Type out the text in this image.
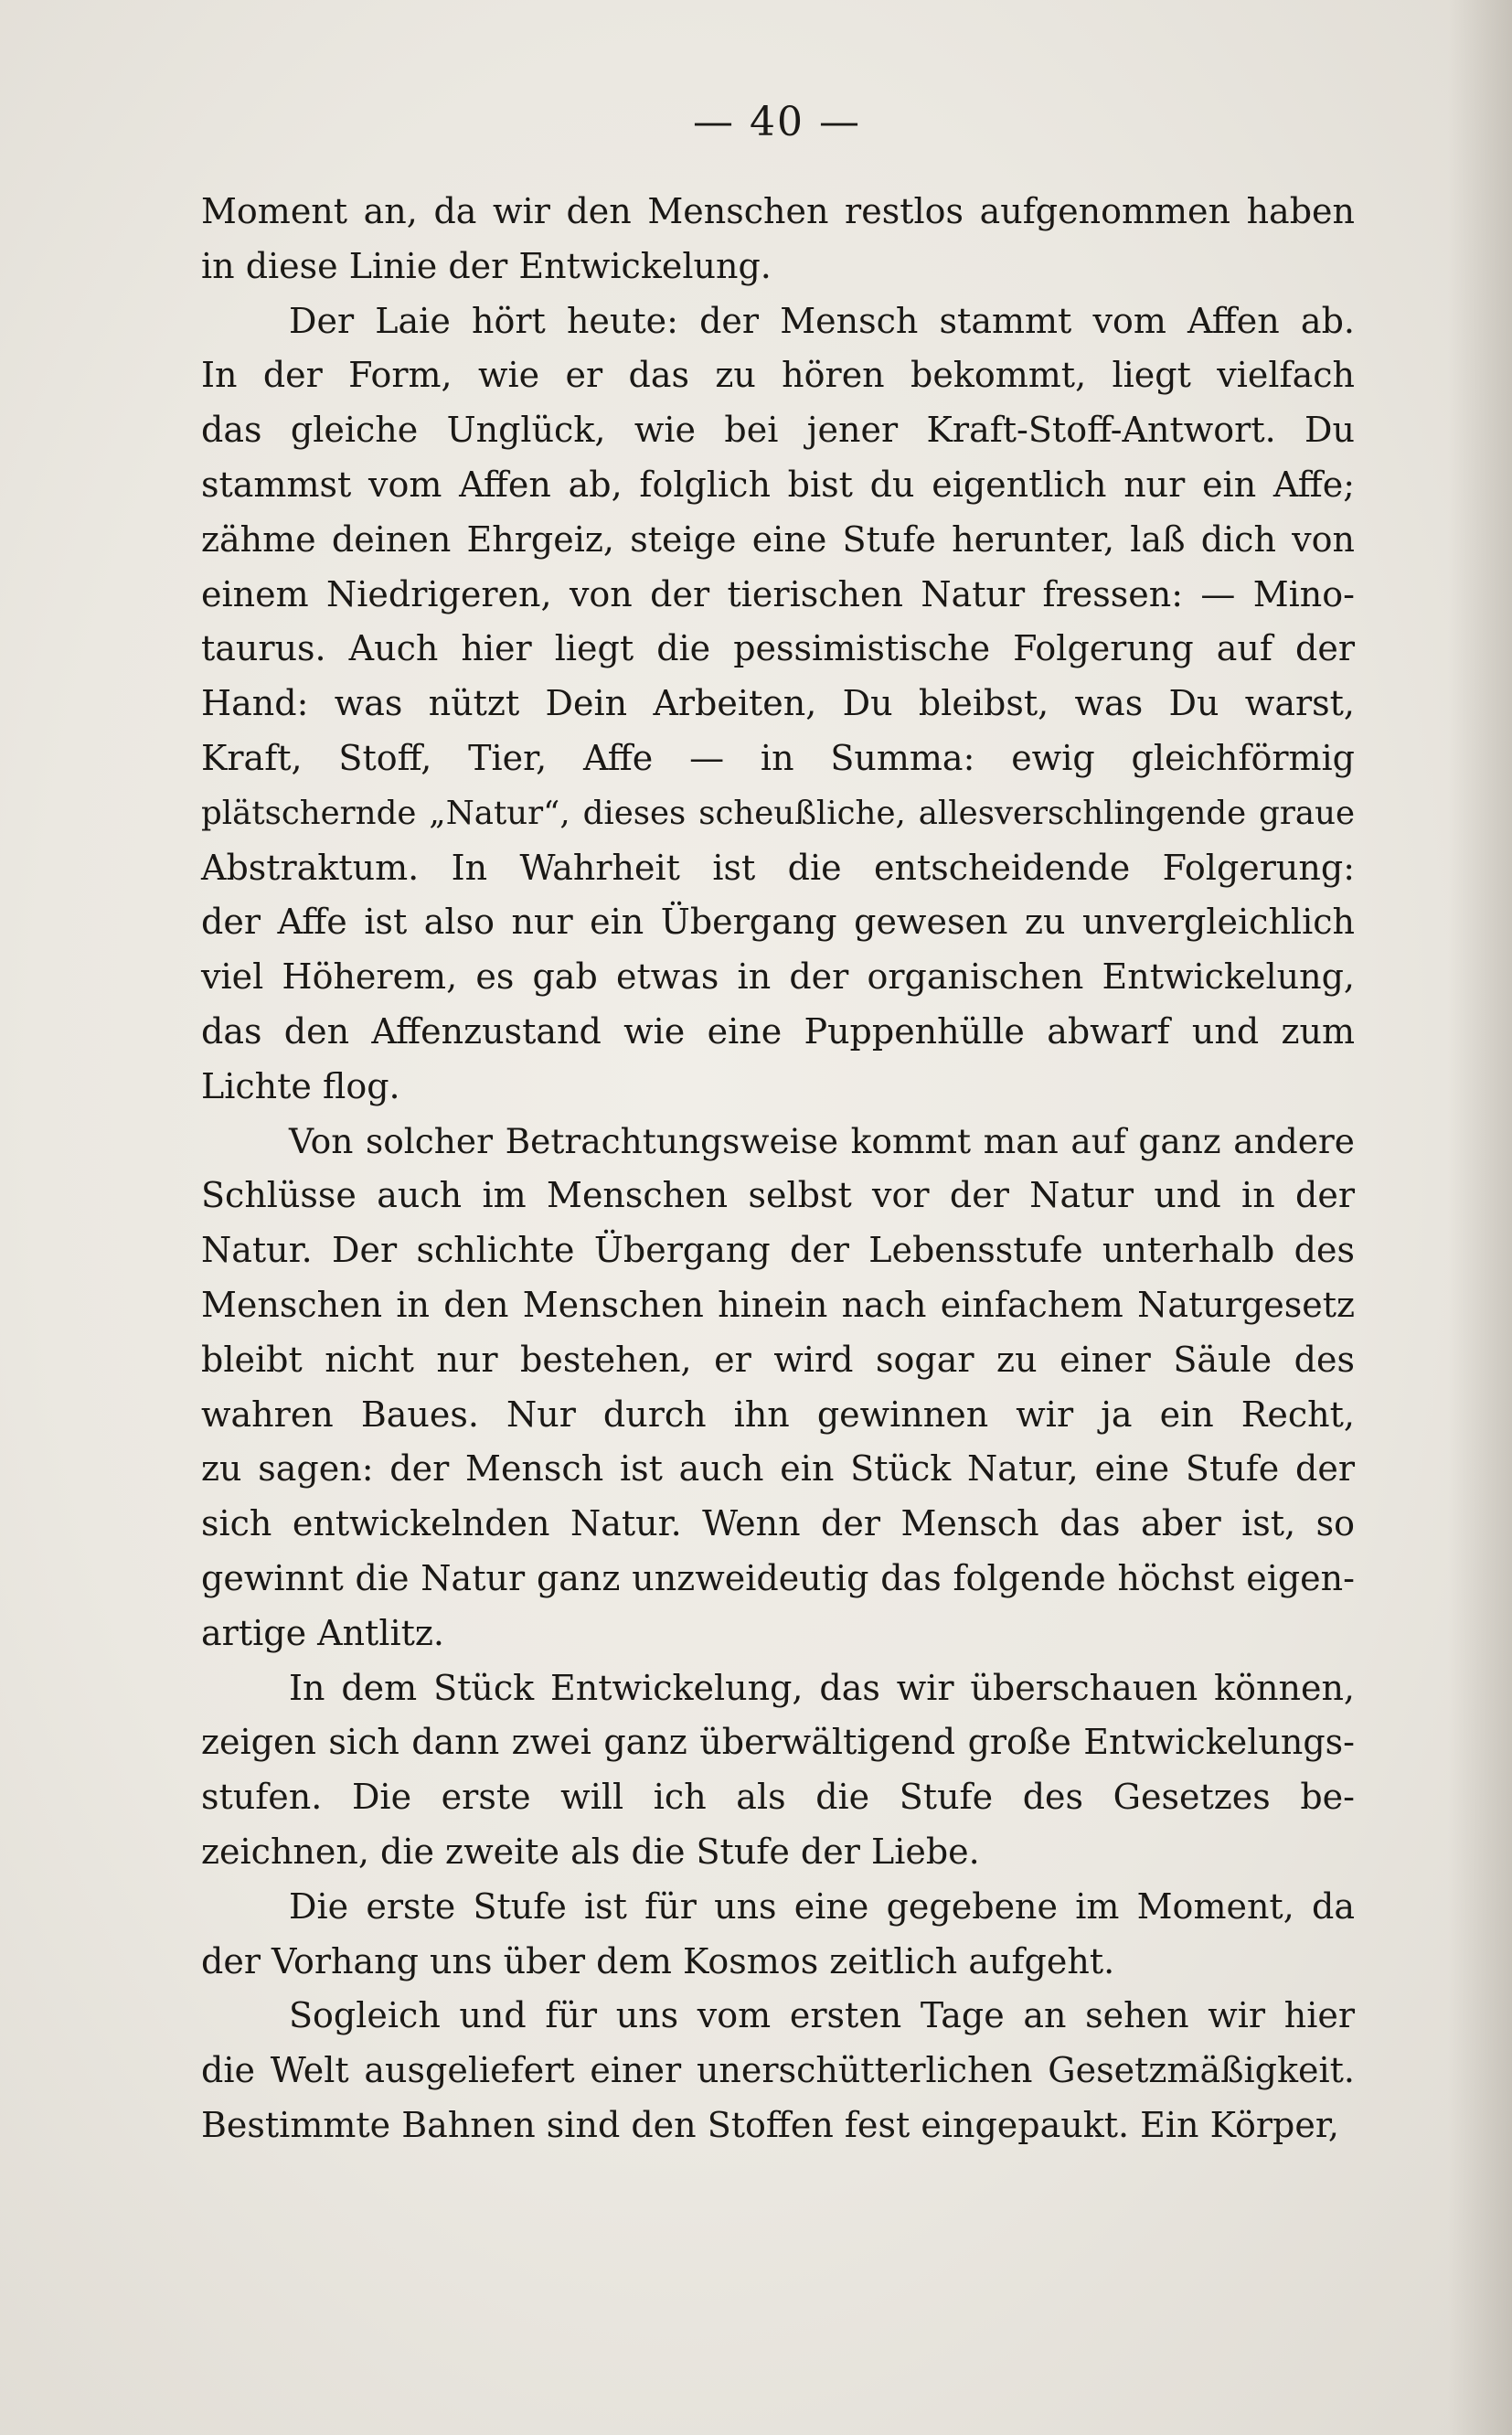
— 40 —
Moment an, da wir den Menschen restlos aufgenommen haben
in diese Linie der Entwickelung.
Der Laie hört heute: der Mensch stammt vom Affen ab.
In der Form, wie er das zu hören bekommt, liegt vielfach
das gleiche Unglück, wie bei jener Kraft-Stoff-Antwort. Du
stammst vom Affen ab, folglich bist du eigentlich nur ein Affe;
zähme deinen Ehrgeiz, steige eine Stufe herunter, laß dich von
einem Niedrigeren, von der tierischen Natur fressen: — Mino-
taurus. Auch hier liegt die pessimistische Folgerung auf der
Hand: was nützt Dein Arbeiten, Du bleibst, was Du warst,
Kraft, Stoff, Tier, Affe — in Summa: ewig gleichförmig
plätschernde „Natur“, dieses scheußliche, allesverschlingende graue
Abstraktum. In Wahrheit ist die entscheidende Folgerung:
der Affe ist also nur ein Übergang gewesen zu unvergleichlich
viel Höherem, es gab etwas in der organischen Entwickelung,
das den Affenzustand wie eine Puppenhülle abwarf und zum
Lichte flog.
Von solcher Betrachtungsweise kommt man auf ganz andere
Schlüsse auch im Menschen selbst vor der Natur und in der
Natur. Der schlichte Übergang der Lebensstufe unterhalb des
Menschen in den Menschen hinein nach einfachem Naturgesetz
bleibt nicht nur bestehen, er wird sogar zu einer Säule des
wahren Baues. Nur durch ihn gewinnen wir ja ein Recht,
zu sagen: der Mensch ist auch ein Stück Natur, eine Stufe der
sich entwickelnden Natur. Wenn der Mensch das aber ist, so
gewinnt die Natur ganz unzweideutig das folgende höchst eigen-
artige Antlitz.
In dem Stück Entwickelung, das wir überschauen können,
zeigen sich dann zwei ganz überwältigend große Entwickelungs-
stufen. Die erste will ich als die Stufe des Gesetzes be-
zeichnen, die zweite als die Stufe der Liebe.
Die erste Stufe ist für uns eine gegebene im Moment, da
der Vorhang uns über dem Kosmos zeitlich aufgeht.
Sogleich und für uns vom ersten Tage an sehen wir hier
die Welt ausgeliefert einer unerschütterlichen Gesetzmäßigkeit.
Bestimmte Bahnen sind den Stoffen fest eingepaukt. Ein Körper,
